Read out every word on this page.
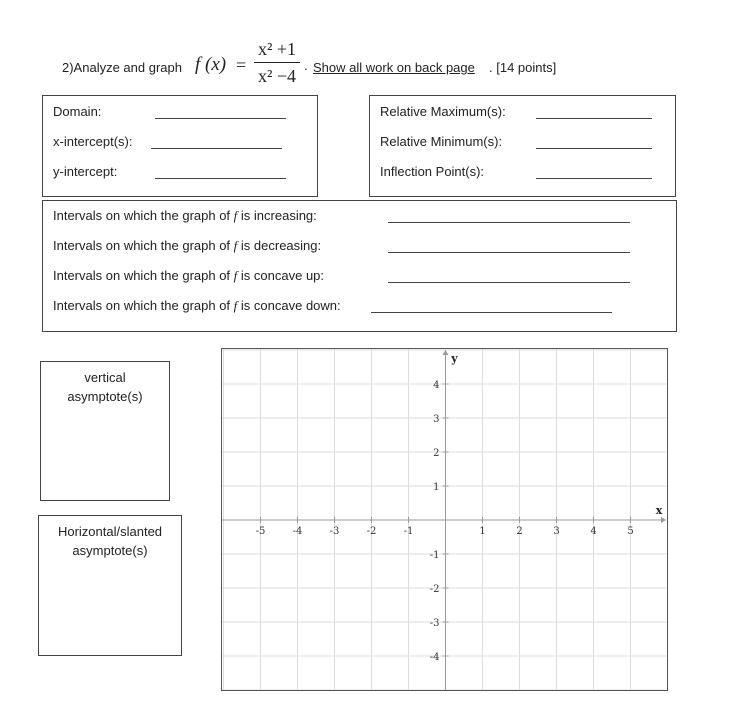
2)Analyze and graph f (x) =
x² +1
x² −4
. Show all work on back page . [14 points]
Domain:
x-intercept(s):
y-intercept:
Relative Maximum(s):
Relative Minimum(s):
Inflection Point(s):
Intervals on which the graph of f is increasing:
Intervals on which the graph of f is decreasing:
Intervals on which the graph of f is concave up:
Intervals on which the graph of f is concave down:
vertical
asymptote(s)
Horizontal/slanted
asymptote(s)
-5	-4	-3	-2	-1	1	2	3	4	5
4
3
2
1
-1
-2
-3
-4
x
y
